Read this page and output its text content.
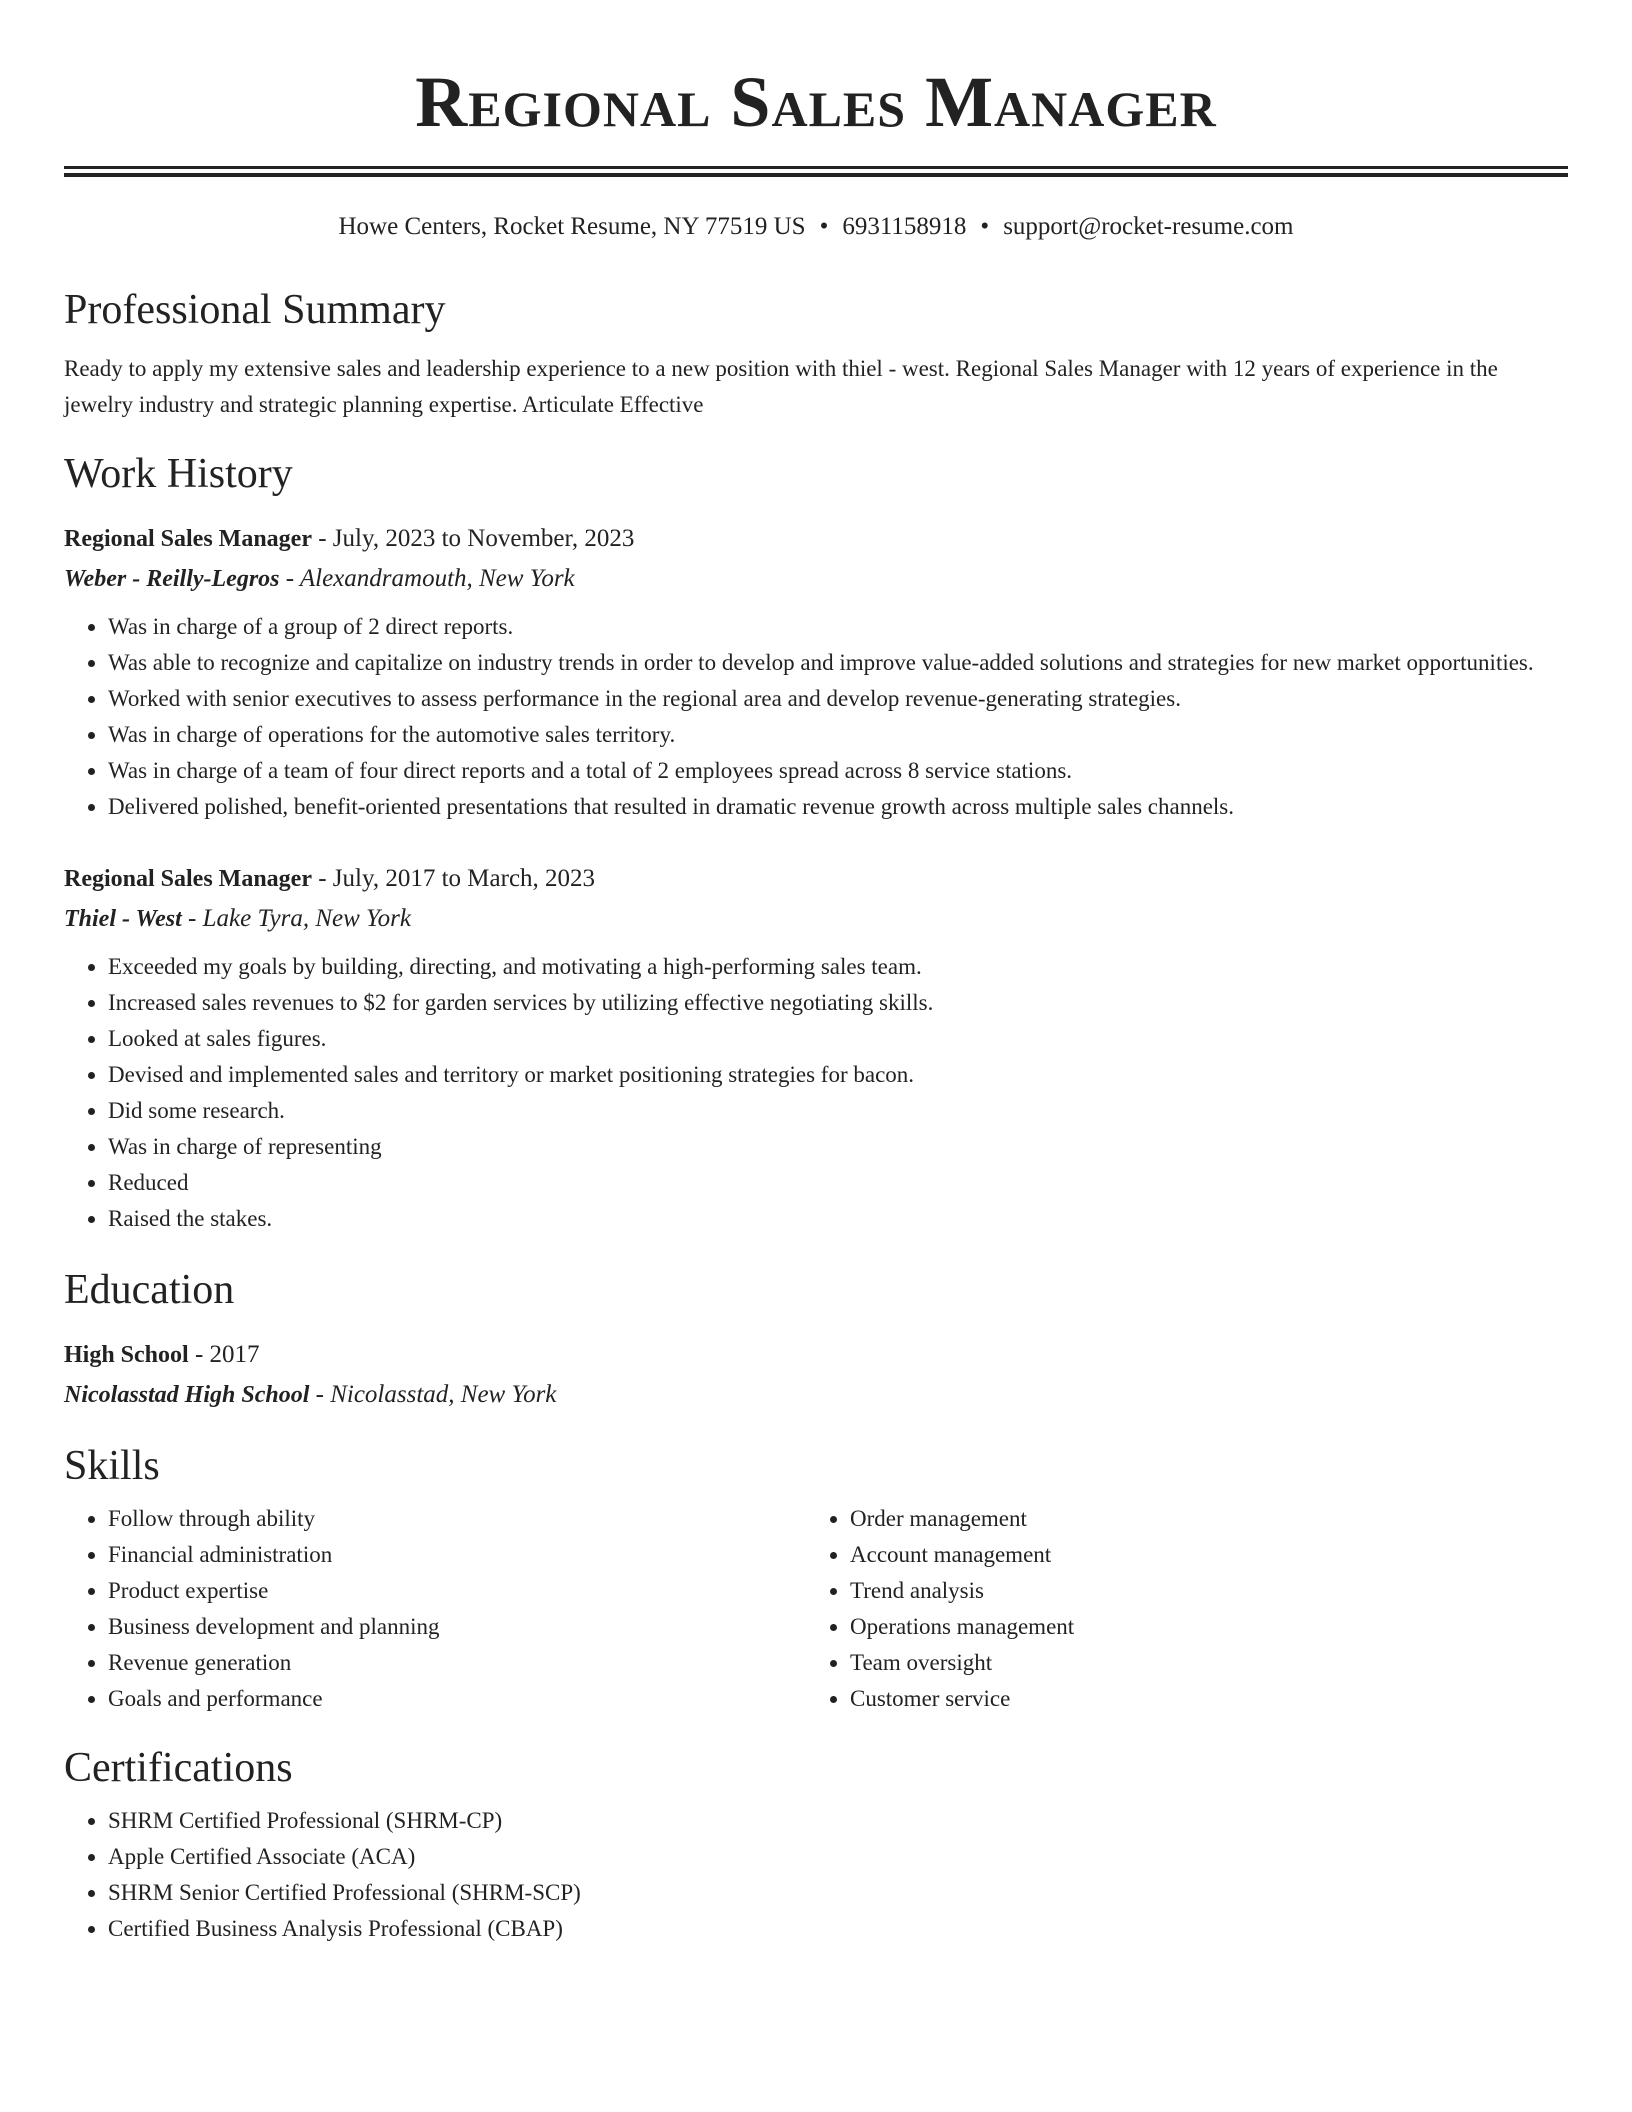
Regional Sales Manager
Howe Centers, Rocket Resume, NY 77519 US • 6931158918 • support@rocket-resume.com
Professional Summary
Ready to apply my extensive sales and leadership experience to a new position with thiel - west. Regional Sales Manager with 12 years of experience in the jewelry industry and strategic planning expertise. Articulate Effective
Work History
Regional Sales Manager - July, 2023 to November, 2023
Weber - Reilly-Legros - Alexandramouth, New York
• Was in charge of a group of 2 direct reports.
• Was able to recognize and capitalize on industry trends in order to develop and improve value-added solutions and strategies for new market opportunities.
• Worked with senior executives to assess performance in the regional area and develop revenue-generating strategies.
• Was in charge of operations for the automotive sales territory.
• Was in charge of a team of four direct reports and a total of 2 employees spread across 8 service stations.
• Delivered polished, benefit-oriented presentations that resulted in dramatic revenue growth across multiple sales channels.
Regional Sales Manager - July, 2017 to March, 2023
Thiel - West - Lake Tyra, New York
• Exceeded my goals by building, directing, and motivating a high-performing sales team.
• Increased sales revenues to $2 for garden services by utilizing effective negotiating skills.
• Looked at sales figures.
• Devised and implemented sales and territory or market positioning strategies for bacon.
• Did some research.
• Was in charge of representing
• Reduced
• Raised the stakes.
Education
High School - 2017
Nicolasstad High School - Nicolasstad, New York
Skills
• Follow through ability
• Financial administration
• Product expertise
• Business development and planning
• Revenue generation
• Goals and performance
• Order management
• Account management
• Trend analysis
• Operations management
• Team oversight
• Customer service
Certifications
• SHRM Certified Professional (SHRM-CP)
• Apple Certified Associate (ACA)
• SHRM Senior Certified Professional (SHRM-SCP)
• Certified Business Analysis Professional (CBAP)
